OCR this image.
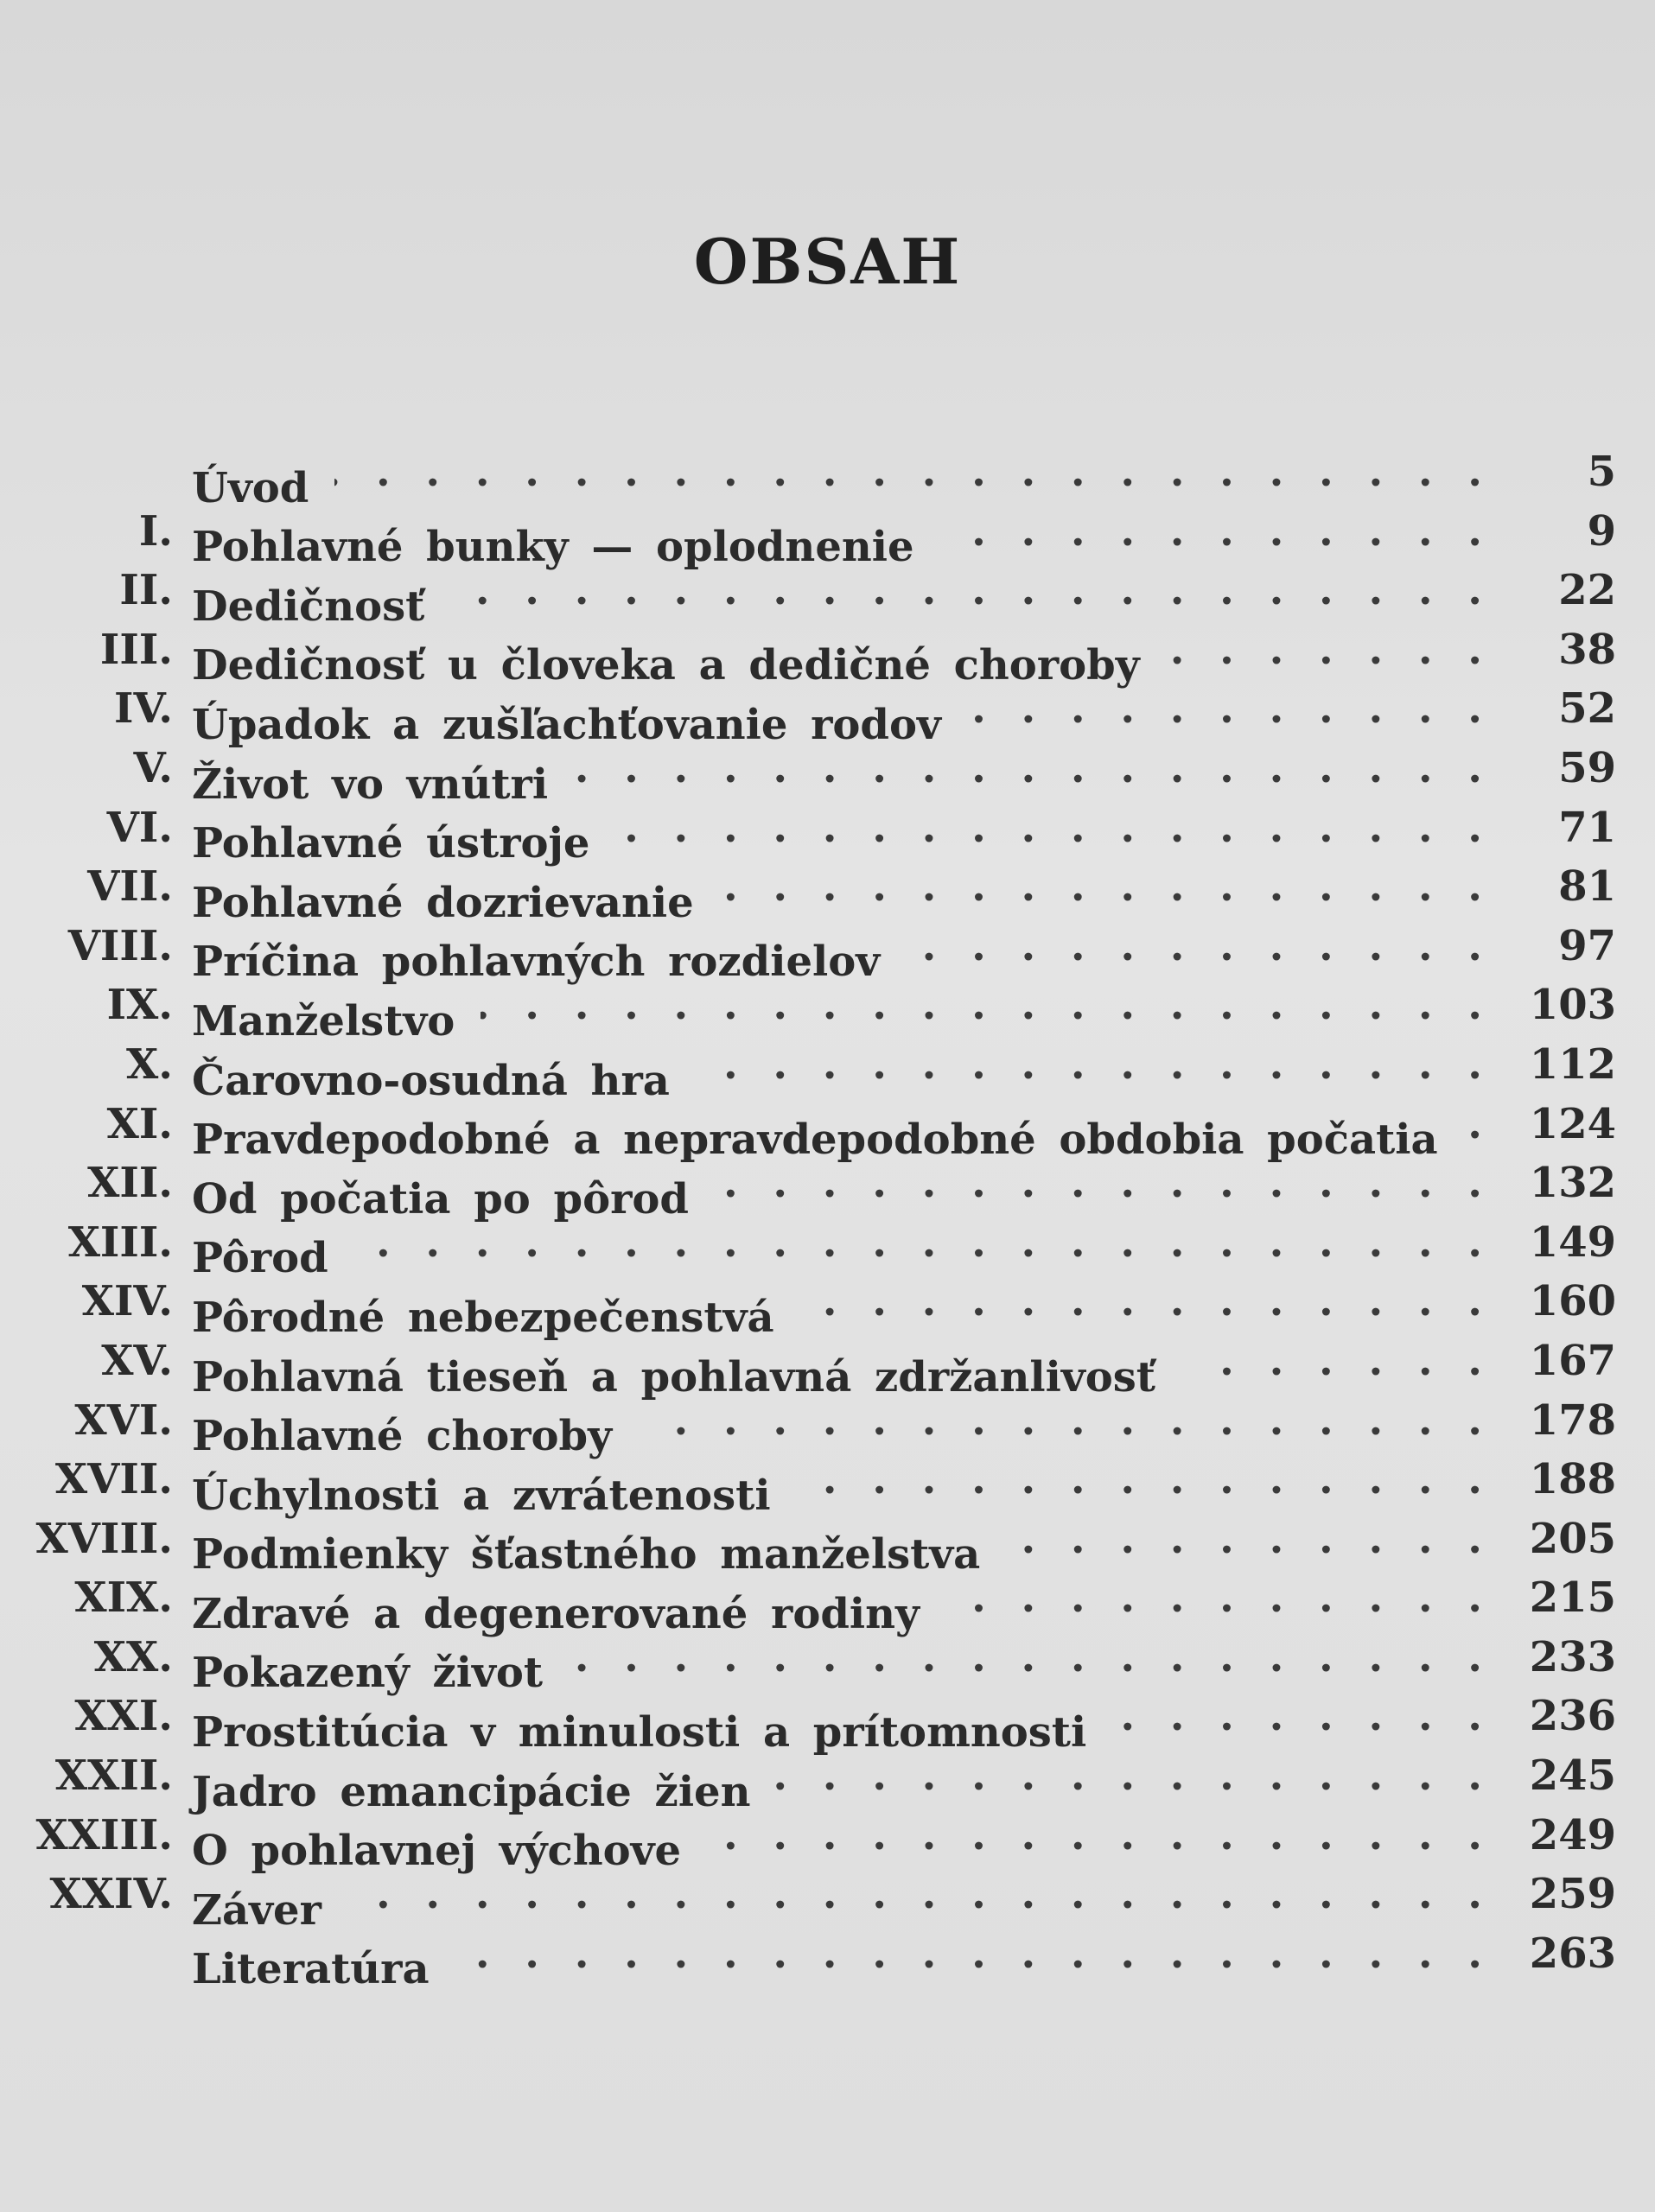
OBSAH
Úvod . . .	5
I. Pohlavné bunky — oplodnenie . . .	9
II. Dedičnosť . . .	22
III. Dedičnosť u človeka a dedičné choroby . . .	38
IV. Úpadok a zušľachťovanie rodov . . .	52
V. Život vo vnútri . . .	59
VI. Pohlavné ústroje . . .	71
VII. Pohlavné dozrievanie . . .	81
VIII. Príčina pohlavných rozdielov . . .	97
IX. Manželstvo . . .	103
X. Čarovno-osudná hra . . .	112
XI. Pravdepodobné a nepravdepodobné obdobia počatia . . . 124
XII. Od počatia po pôrod . . .	132
XIII. Pôrod . . .	149
XIV. Pôrodné nebezpečenstvá . . .	160
XV. Pohlavná tieseň a pohlavná zdržanlivosť . . .	167
XVI. Pohlavné choroby . . .	178
XVII. Úchylnosti a zvrátenosti . . .	188
XVIII. Podmienky šťastného manželstva . . .	205
XIX. Zdravé a degenerované rodiny . . .	215
XX. Pokazený život . . .	233
XXI. Prostitúcia v minulosti a prítomnosti . . .	236
XXII. Jadro emancipácie žien . . .	245
XXIII. O pohlavnej výchove . . .	249
XXIV. Záver . . .	259
Literatúra . . .	263
